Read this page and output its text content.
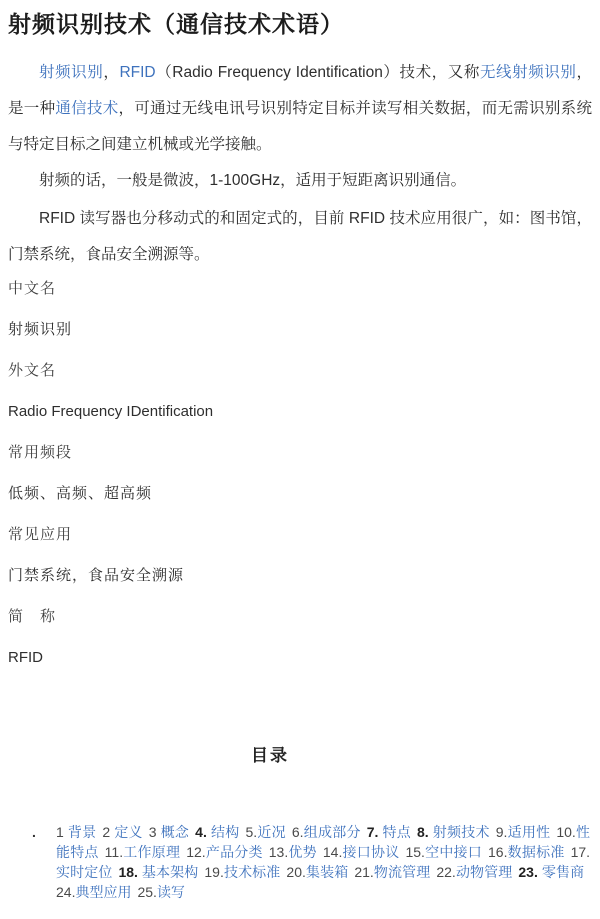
射频识别技术（通信技术术语）

射频识别，RFID（Radio Frequency Identification）技术，又称无线射频识别，是一种通信技术，可通过无线电讯号识别特定目标并读写相关数据，而无需识别系统与特定目标之间建立机械或光学接触。

射频的话，一般是微波，1-100GHz，适用于短距离识别通信。

RFID 读写器也分移动式的和固定式的，目前 RFID 技术应用很广，如：图书馆，门禁系统，食品安全溯源等。

中文名
射频识别
外文名
Radio Frequency IDentification
常用频段
低频、高频、超高频
常见应用
门禁系统，食品安全溯源
简　称
RFID
目录
.	1 背景 2 定义 3 概念 4. 结构 5.近况 6.组成部分 7. 特点 8. 射频技术 9.适用性 10.性能特点 11.工作原理 12.产品分类 13.优势 14.接口协议 15.空中接口 16.数据标准 17.实时定位 18. 基本架构 19.技术标准 20.集装箱 21.物流管理 22.动物管理 23. 零售商24.典型应用 25.读写
